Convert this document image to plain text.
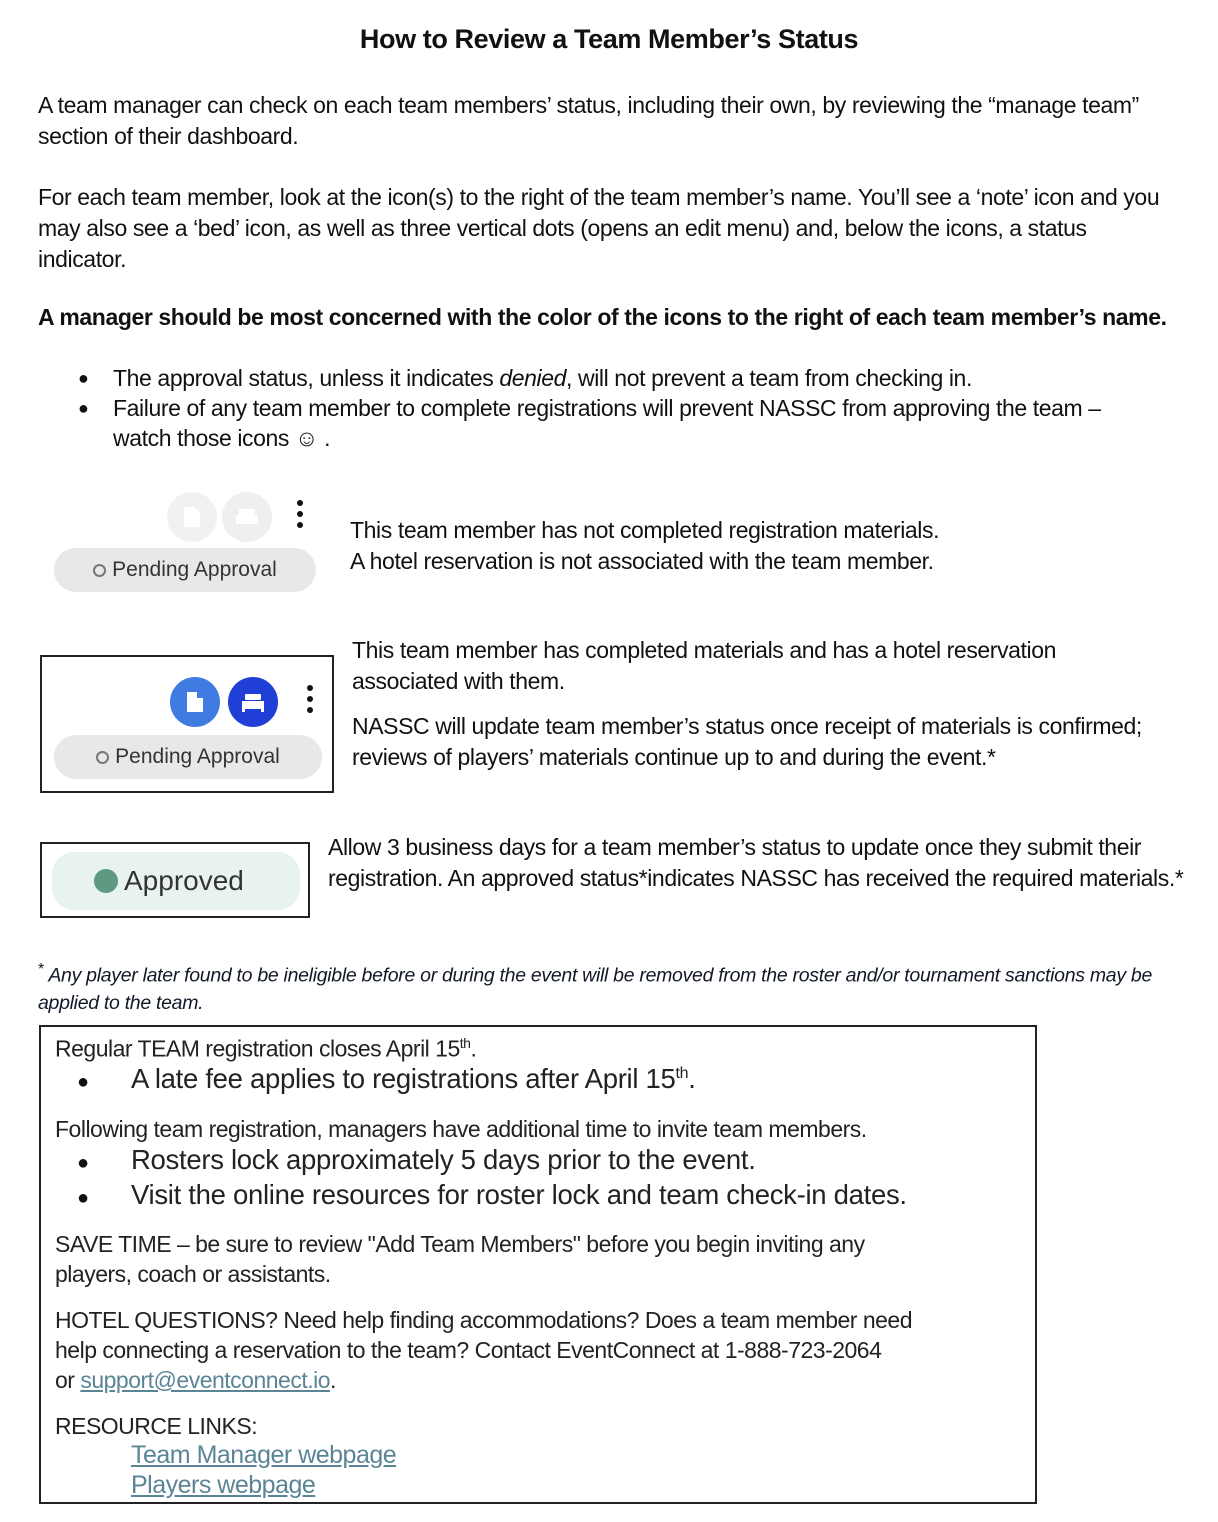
How to Review a Team Member’s Status
A team manager can check on each team members’ status, including their own, by reviewing the “manage team” section of their dashboard.
For each team member, look at the icon(s) to the right of the team member’s name. You’ll see a ‘note’ icon and you may also see a ‘bed’ icon, as well as three vertical dots (opens an edit menu) and, below the icons, a status indicator.
A manager should be most concerned with the color of the icons to the right of each team member’s name.
● The approval status, unless it indicates denied, will not prevent a team from checking in.
● Failure of any team member to complete registrations will prevent NASSC from approving the team – watch those icons ☺ .
Pending Approval
This team member has not completed registration materials.
A hotel reservation is not associated with the team member.
Pending Approval
This team member has completed materials and has a hotel reservation associated with them.
NASSC will update team member’s status once receipt of materials is confirmed; reviews of players’ materials continue up to and during the event.*
Approved
Allow 3 business days for a team member’s status to update once they submit their registration. An approved status*indicates NASSC has received the required materials.*
* Any player later found to be ineligible before or during the event will be removed from the roster and/or tournament sanctions may be applied to the team.
Regular TEAM registration closes April 15th.
● A late fee applies to registrations after April 15th.
Following team registration, managers have additional time to invite team members.
● Rosters lock approximately 5 days prior to the event.
● Visit the online resources for roster lock and team check-in dates.
SAVE TIME – be sure to review "Add Team Members" before you begin inviting any
players, coach or assistants.
HOTEL QUESTIONS? Need help finding accommodations? Does a team member need
help connecting a reservation to the team? Contact EventConnect at 1-888-723-2064
or support@eventconnect.io.
RESOURCE LINKS:
Team Manager webpage
Players webpage
